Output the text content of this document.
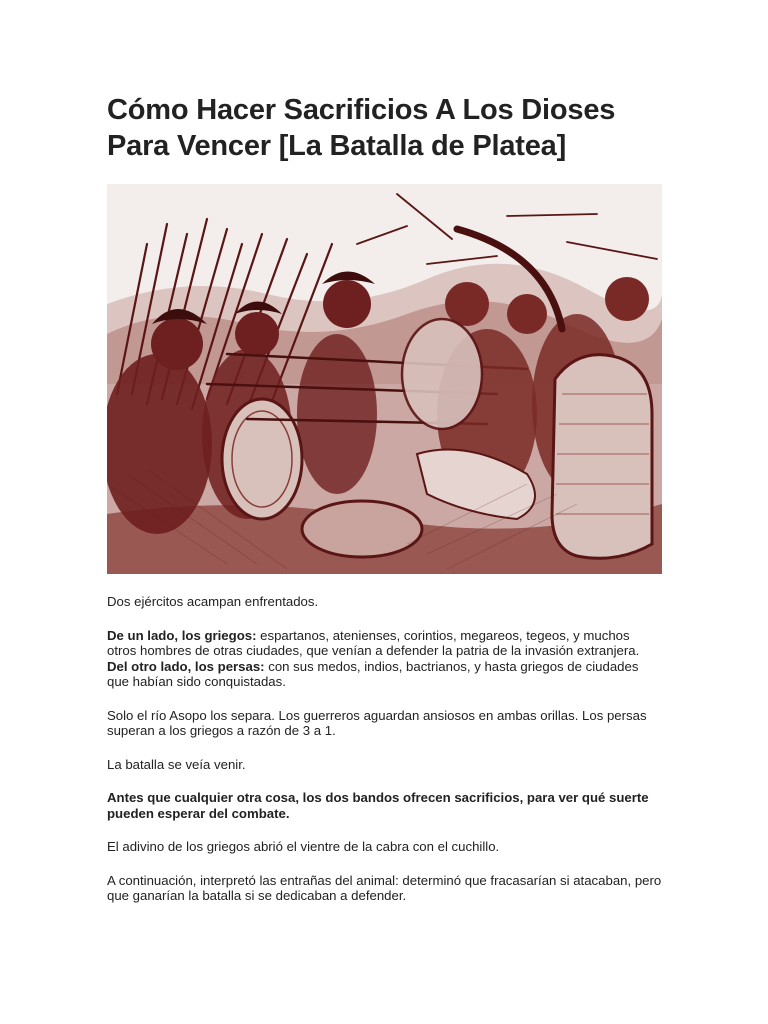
Cómo Hacer Sacrificios A Los Dioses Para Vencer [La Batalla de Platea]

Dos ejércitos acampan enfrentados.

De un lado, los griegos: espartanos, atenienses, corintios, megareos, tegeos, y muchos otros hombres de otras ciudades, que venían a defender la patria de la invasión extranjera.

Del otro lado, los persas: con sus medos, indios, bactrianos, y hasta griegos de ciudades que habían sido conquistadas.

Solo el río Asopo los separa. Los guerreros aguardan ansiosos en ambas orillas. Los persas superan a los griegos a razón de 3 a 1.

La batalla se veía venir.

Antes que cualquier otra cosa, los dos bandos ofrecen sacrificios, para ver qué suerte pueden esperar del combate.

El adivino de los griegos abrió el vientre de la cabra con el cuchillo.

A continuación, interpretó las entrañas del animal: determinó que fracasarían si atacaban, pero que ganarían la batalla si se dedicaban a defender.
